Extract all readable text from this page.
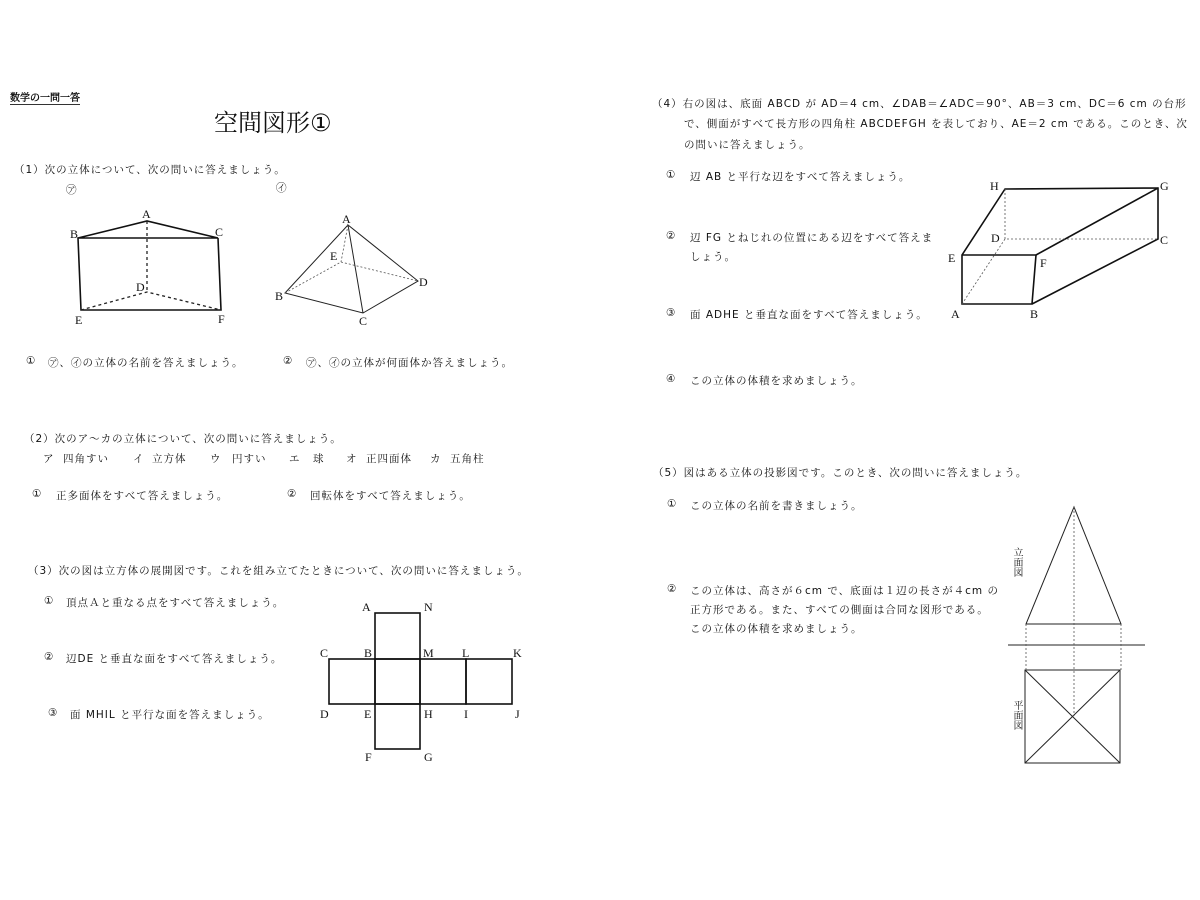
数学の一問一答
空間図形①
（1）次の立体について、次の問いに答えましょう。
㋐	㋑
① ㋐、㋑の立体の名前を答えましょう。	② ㋐、㋑の立体が何面体か答えましょう。
（2）次のア～カの立体について、次の問いに答えましょう。
ア 四角すい イ 立方体 ウ 円すい エ 球 オ 正四面体 カ 五角柱
① 正多面体をすべて答えましょう。	② 回転体をすべて答えましょう。
（3）次の図は立方体の展開図です。これを組み立てたときについて、次の問いに答えましょう。
① 頂点Ａと重なる点をすべて答えましょう。
② 辺DE と垂直な面をすべて答えましょう。
③ 面 MHIL と平行な面を答えましょう。
（4）右の図は、底面 ABCD が AD＝4 cm、∠DAB＝∠ADC＝90°、AB＝3 cm、DC＝6 cm の台形
で、側面がすべて長方形の四角柱 ABCDEFGH を表しており、AE＝2 cm である。このとき、次
の問いに答えましょう。
① 辺 AB と平行な辺をすべて答えましょう。
② 辺 FG とねじれの位置にある辺をすべて答えま
しょう。
③ 面 ADHE と垂直な面をすべて答えましょう。
④ この立体の体積を求めましょう。
（5）図はある立体の投影図です。このとき、次の問いに答えましょう。
① この立体の名前を書きましょう。
② この立体は、高さが６cm で、底面は１辺の長さが４cm の
正方形である。また、すべての側面は合同な図形である。
この立体の体積を求めましょう。
立面図
平面図
A
B	C
D
E	F
A
B
C
D
E
A	N
C	B	M L	K
D	E	H	I	J
F	G
H	G
D	C
E	F
A	B
